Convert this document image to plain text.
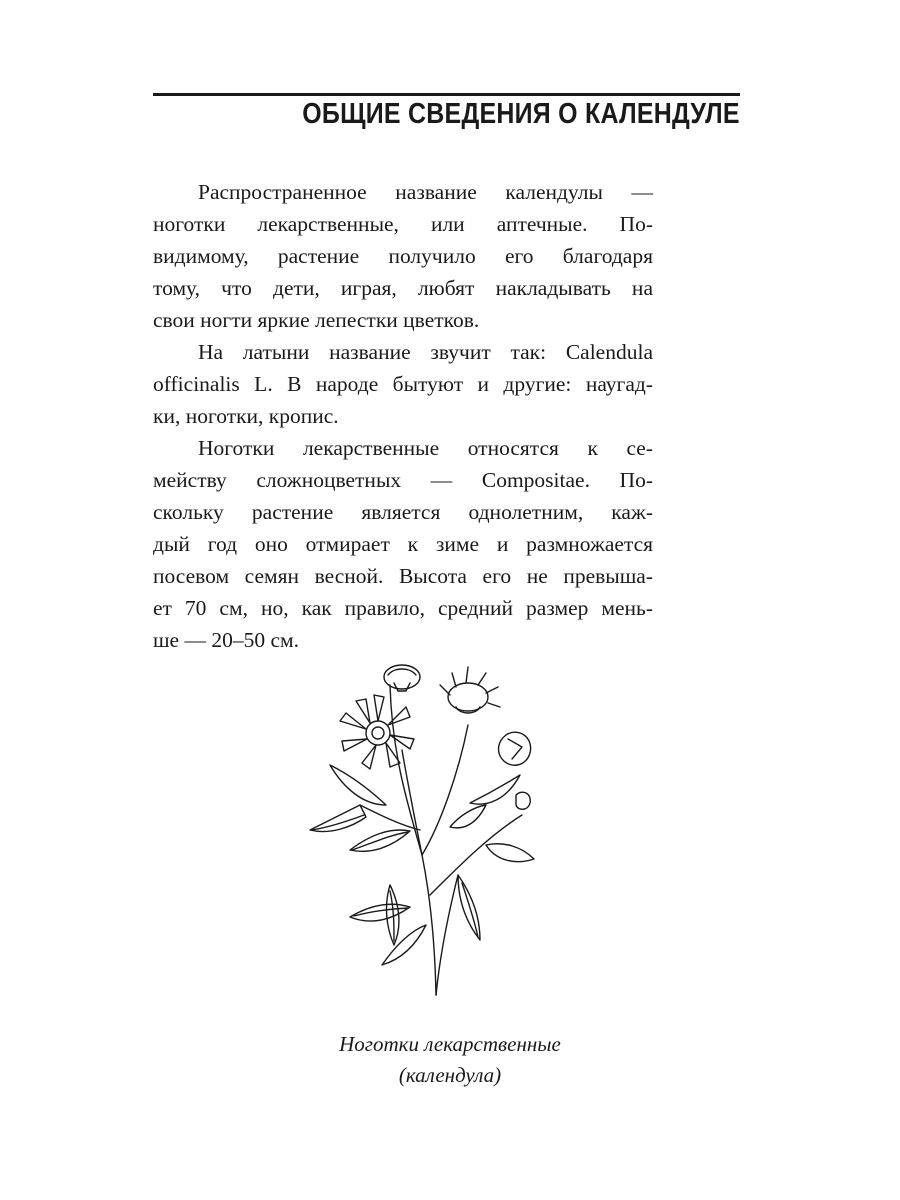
ОБЩИЕ СВЕДЕНИЯ О КАЛЕНДУЛЕ
Распространенное название календулы —
ноготки лекарственные, или аптечные. По-
видимому, растение получило его благодаря
тому, что дети, играя, любят накладывать на
свои ногти яркие лепестки цветков.
На латыни название звучит так: Calendula
officinalis L. В народе бытуют и другие: наугад-
ки, ноготки, кропис.
Ноготки лекарственные относятся к се-
мейству сложноцветных — Compositae. По-
скольку растение является однолетним, каж-
дый год оно отмирает к зиме и размножается
посевом семян весной. Высота его не превыша-
ет 70 см, но, как правило, средний размер мень-
ше — 20–50 см.
Ноготки лекарственные
(календула)
